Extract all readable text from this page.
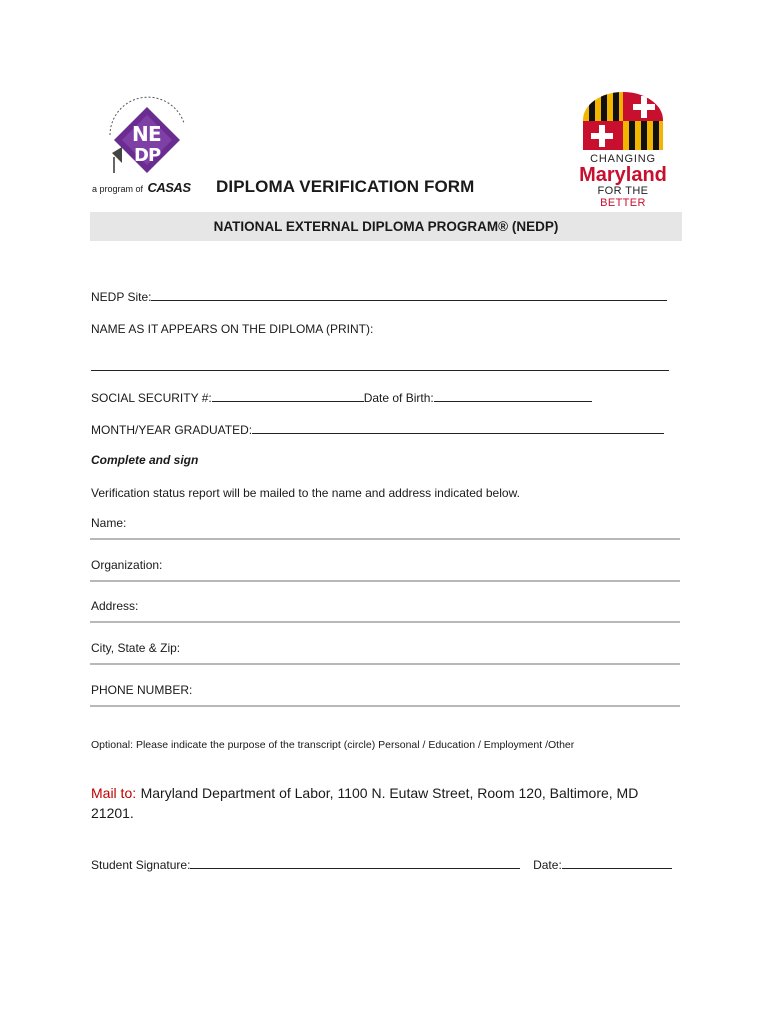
N E
D P
a program of CASAS
CHANGING
Maryland
FOR THE BETTER
DIPLOMA VERIFICATION FORM
NATIONAL EXTERNAL DIPLOMA PROGRAM® (NEDP)
NEDP Site:
NAME AS IT APPEARS ON THE DIPLOMA (PRINT):
SOCIAL SECURITY #:	Date of Birth:
MONTH/YEAR GRADUATED:
Complete and sign
Verification status report will be mailed to the name and address indicated below.
Name:
Organization:
Address:
City, State & Zip:
PHONE NUMBER:
Optional: Please indicate the purpose of the transcript (circle) Personal / Education / Employment /Other
Mail to: Maryland Department of Labor, 1100 N. Eutaw Street, Room 120, Baltimore, MD
21201.
Student Signature:	Date:
